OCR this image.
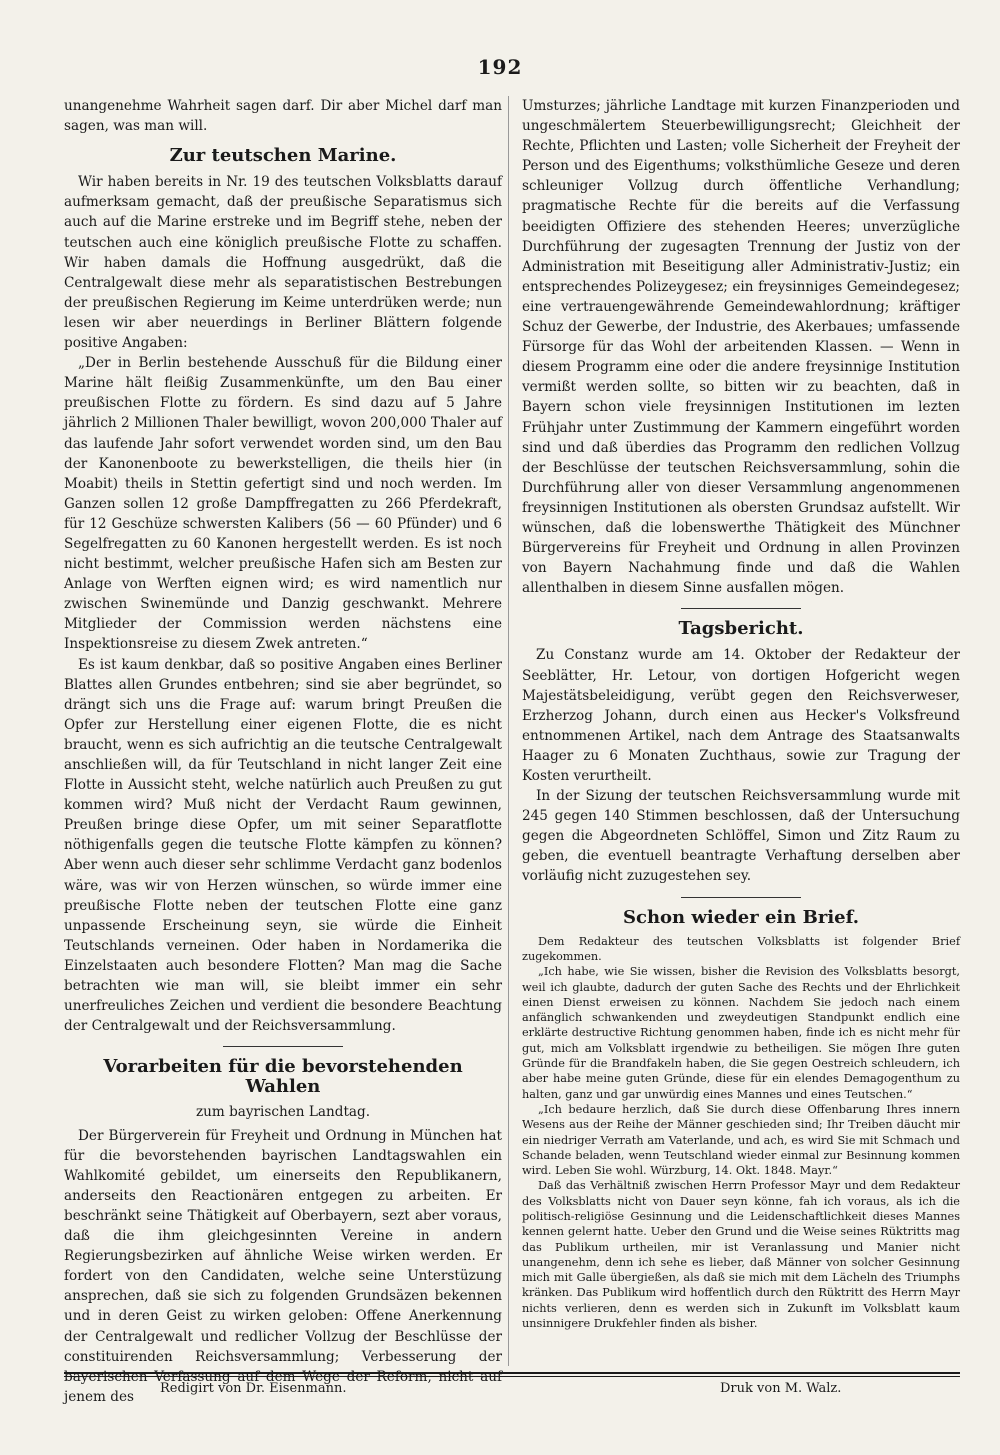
192

unangenehme Wahrheit sagen darf. Dir aber Michel darf man sagen, was man will.

Zur teutschen Marine.

Wir haben bereits in Nr. 19 des teutschen Volksblatts darauf aufmerksam gemacht, daß der preußische Separatismus sich auch auf die Marine erstreke und im Begriff stehe, neben der teutschen auch eine königlich preußische Flotte zu schaffen. Wir haben damals die Hoffnung ausgedrükt, daß die Centralgewalt diese mehr als separatistischen Bestrebungen der preußischen Regierung im Keime unterdrüken werde; nun lesen wir aber neuerdings in Berliner Blättern folgende positive Angaben:

„Der in Berlin bestehende Ausschuß für die Bildung einer Marine hält fleißig Zusammenkünfte, um den Bau einer preußischen Flotte zu fördern. Es sind dazu auf 5 Jahre jährlich 2 Millionen Thaler bewilligt, wovon 200,000 Thaler auf das laufende Jahr sofort verwendet worden sind, um den Bau der Kanonenboote zu bewerkstelligen, die theils hier (in Moabit) theils in Stettin gefertigt sind und noch werden. Im Ganzen sollen 12 große Dampffregatten zu 266 Pferdekraft, für 12 Geschüze schwersten Kalibers (56 — 60 Pfünder) und 6 Segelfregatten zu 60 Kanonen hergestellt werden. Es ist noch nicht bestimmt, welcher preußische Hafen sich am Besten zur Anlage von Werften eignen wird; es wird namentlich nur zwischen Swinemünde und Danzig geschwankt. Mehrere Mitglieder der Commission werden nächstens eine Inspektionsreise zu diesem Zwek antreten.“

Es ist kaum denkbar, daß so positive Angaben eines Berliner Blattes allen Grundes entbehren; sind sie aber begründet, so drängt sich uns die Frage auf: warum bringt Preußen die Opfer zur Herstellung einer eigenen Flotte, die es nicht braucht, wenn es sich aufrichtig an die teutsche Centralgewalt anschließen will, da für Teutschland in nicht langer Zeit eine Flotte in Aussicht steht, welche natürlich auch Preußen zu gut kommen wird? Muß nicht der Verdacht Raum gewinnen, Preußen bringe diese Opfer, um mit seiner Separatflotte nöthigenfalls gegen die teutsche Flotte kämpfen zu können? Aber wenn auch dieser sehr schlimme Verdacht ganz bodenlos wäre, was wir von Herzen wünschen, so würde immer eine preußische Flotte neben der teutschen Flotte eine ganz unpassende Erscheinung seyn, sie würde die Einheit Teutschlands verneinen. Oder haben in Nordamerika die Einzelstaaten auch besondere Flotten? Man mag die Sache betrachten wie man will, sie bleibt immer ein sehr unerfreuliches Zeichen und verdient die besondere Beachtung der Centralgewalt und der Reichsversammlung.

Vorarbeiten für die bevorstehenden Wahlen
zum bayrischen Landtag.

Der Bürgerverein für Freyheit und Ordnung in München hat für die bevorstehenden bayrischen Landtagswahlen ein Wahlkomité gebildet, um einerseits den Republikanern, anderseits den Reactionären entgegen zu arbeiten. Er beschränkt seine Thätigkeit auf Oberbayern, sezt aber voraus, daß die ihm gleichgesinnten Vereine in andern Regierungsbezirken auf ähnliche Weise wirken werden. Er fordert von den Candidaten, welche seine Unterstüzung ansprechen, daß sie sich zu folgenden Grundsäzen bekennen und in deren Geist zu wirken geloben: Offene Anerkennung der Centralgewalt und redlicher Vollzug der Beschlüsse der constituirenden Reichsversammlung; Verbesserung der bayerischen Verfassung auf dem Wege der Reform, nicht auf jenem des

Umsturzes; jährliche Landtage mit kurzen Finanzperioden und ungeschmälertem Steuerbewilligungsrecht; Gleichheit der Rechte, Pflichten und Lasten; volle Sicherheit der Freyheit der Person und des Eigenthums; volksthümliche Geseze und deren schleuniger Vollzug durch öffentliche Verhandlung; pragmatische Rechte für die bereits auf die Verfassung beeidigten Offiziere des stehenden Heeres; unverzügliche Durchführung der zugesagten Trennung der Justiz von der Administration mit Beseitigung aller Administrativ-Justiz; ein entsprechendes Polizeygesez; ein freysinniges Gemeindegesez; eine vertrauengewährende Gemeindewahlordnung; kräftiger Schuz der Gewerbe, der Industrie, des Akerbaues; umfassende Fürsorge für das Wohl der arbeitenden Klassen. — Wenn in diesem Programm eine oder die andere freysinnige Institution vermißt werden sollte, so bitten wir zu beachten, daß in Bayern schon viele freysinnigen Institutionen im lezten Frühjahr unter Zustimmung der Kammern eingeführt worden sind und daß überdies das Programm den redlichen Vollzug der Beschlüsse der teutschen Reichsversammlung, sohin die Durchführung aller von dieser Versammlung angenommenen freysinnigen Institutionen als obersten Grundsaz aufstellt. Wir wünschen, daß die lobenswerthe Thätigkeit des Münchner Bürgervereins für Freyheit und Ordnung in allen Provinzen von Bayern Nachahmung finde und daß die Wahlen allenthalben in diesem Sinne ausfallen mögen.

Tagsbericht.

Zu Constanz wurde am 14. Oktober der Redakteur der Seeblätter, Hr. Letour, von dortigen Hofgericht wegen Majestätsbeleidigung, verübt gegen den Reichsverweser, Erzherzog Johann, durch einen aus Hecker's Volksfreund entnommenen Artikel, nach dem Antrage des Staatsanwalts Haager zu 6 Monaten Zuchthaus, sowie zur Tragung der Kosten verurtheilt.

In der Sizung der teutschen Reichsversammlung wurde mit 245 gegen 140 Stimmen beschlossen, daß der Untersuchung gegen die Abgeordneten Schlöffel, Simon und Zitz Raum zu geben, die eventuell beantragte Verhaftung derselben aber vorläufig nicht zuzugestehen sey.

Schon wieder ein Brief.

Dem Redakteur des teutschen Volksblatts ist folgender Brief zugekommen.

„Ich habe, wie Sie wissen, bisher die Revision des Volksblatts besorgt, weil ich glaubte, dadurch der guten Sache des Rechts und der Ehrlichkeit einen Dienst erweisen zu können. Nachdem Sie jedoch nach einem anfänglich schwankenden und zweydeutigen Standpunkt endlich eine erklärte destructive Richtung genommen haben, finde ich es nicht mehr für gut, mich am Volksblatt irgendwie zu betheiligen. Sie mögen Ihre guten Gründe für die Brandfakeln haben, die Sie gegen Oestreich schleudern, ich aber habe meine guten Gründe, diese für ein elendes Demagogenthum zu halten, ganz und gar unwürdig eines Mannes und eines Teutschen.“

„Ich bedaure herzlich, daß Sie durch diese Offenbarung Ihres innern Wesens aus der Reihe der Männer geschieden sind; Ihr Treiben däucht mir ein niedriger Verrath am Vaterlande, und ach, es wird Sie mit Schmach und Schande beladen, wenn Teutschland wieder einmal zur Besinnung kommen wird. Leben Sie wohl. Würzburg, 14. Okt. 1848. Mayr.“

Daß das Verhältniß zwischen Herrn Professor Mayr und dem Redakteur des Volksblatts nicht von Dauer seyn könne, fah ich voraus, als ich die politisch-religiöse Gesinnung und die Leidenschaftlichkeit dieses Mannes kennen gelernt hatte. Ueber den Grund und die Weise seines Rüktritts mag das Publikum urtheilen, mir ist Veranlassung und Manier nicht unangenehm, denn ich sehe es lieber, daß Männer von solcher Gesinnung mich mit Galle übergießen, als daß sie mich mit dem Lächeln des Triumphs kränken. Das Publikum wird hoffentlich durch den Rüktritt des Herrn Mayr nichts verlieren, denn es werden sich in Zukunft im Volksblatt kaum unsinnigere Drukfehler finden als bisher.

Redigirt von Dr. Eisenmann.	Druk von M. Walz.
